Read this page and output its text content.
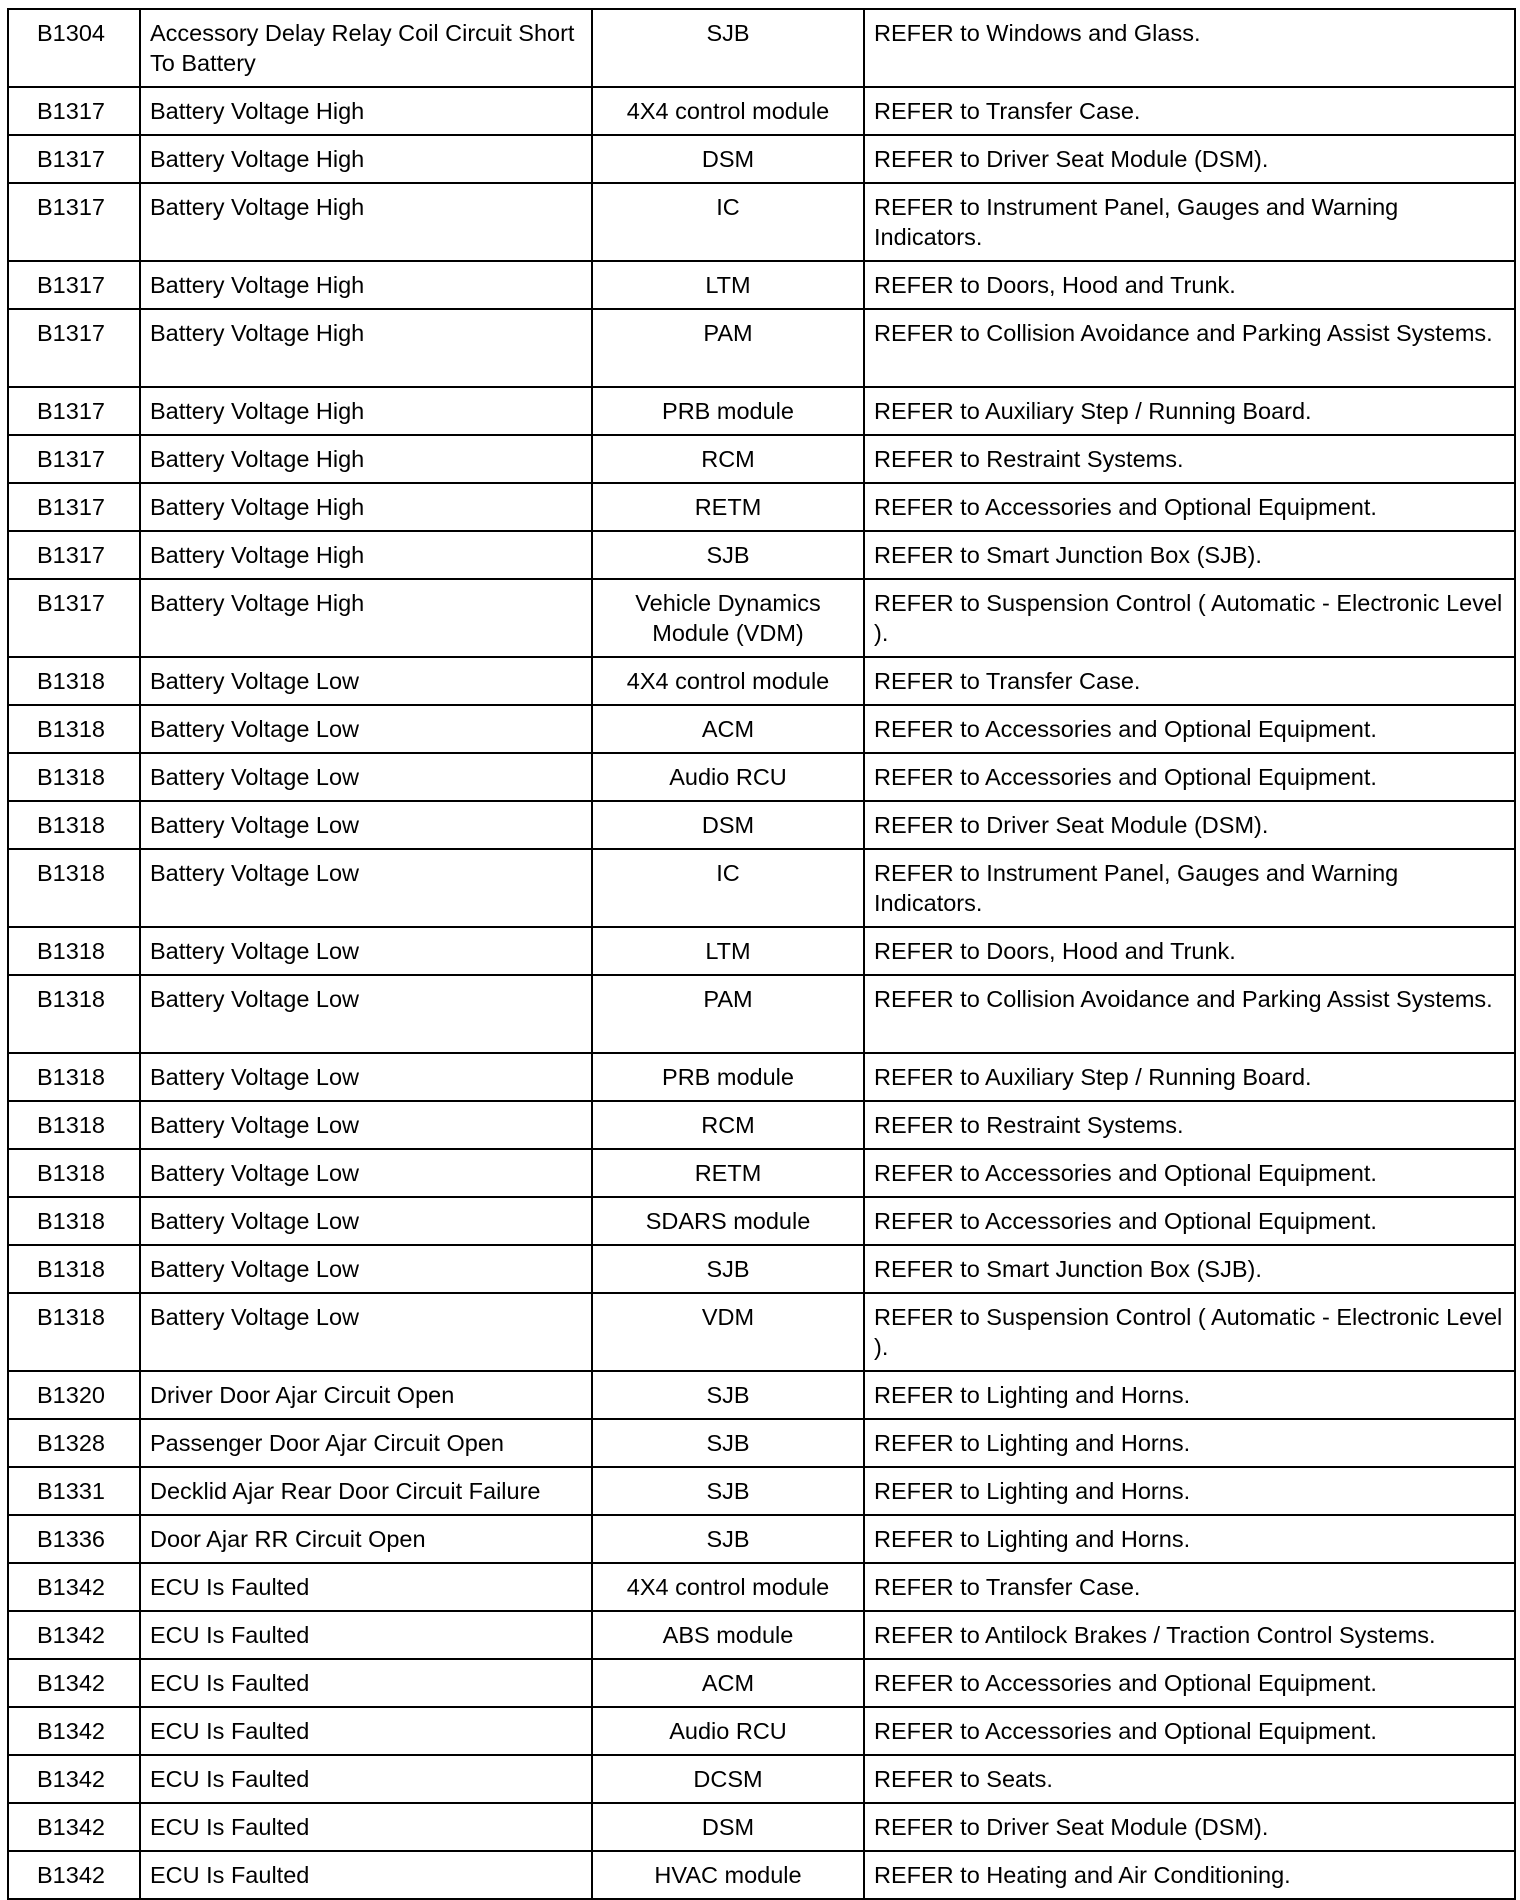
B1304	Accessory Delay Relay Coil Circuit Short To Battery	SJB	REFER to Windows and Glass.
B1317	Battery Voltage High	4X4 control module	REFER to Transfer Case.
B1317	Battery Voltage High	DSM	REFER to Driver Seat Module (DSM).
B1317	Battery Voltage High	IC	REFER to Instrument Panel, Gauges and Warning Indicators.
B1317	Battery Voltage High	LTM	REFER to Doors, Hood and Trunk.
B1317	Battery Voltage High	PAM	REFER to Collision Avoidance and Parking Assist Systems.
B1317	Battery Voltage High	PRB module	REFER to Auxiliary Step / Running Board.
B1317	Battery Voltage High	RCM	REFER to Restraint Systems.
B1317	Battery Voltage High	RETM	REFER to Accessories and Optional Equipment.
B1317	Battery Voltage High	SJB	REFER to Smart Junction Box (SJB).
B1317	Battery Voltage High	Vehicle Dynamics Module (VDM)	REFER to Suspension Control ( Automatic - Electronic Level ).
B1318	Battery Voltage Low	4X4 control module	REFER to Transfer Case.
B1318	Battery Voltage Low	ACM	REFER to Accessories and Optional Equipment.
B1318	Battery Voltage Low	Audio RCU	REFER to Accessories and Optional Equipment.
B1318	Battery Voltage Low	DSM	REFER to Driver Seat Module (DSM).
B1318	Battery Voltage Low	IC	REFER to Instrument Panel, Gauges and Warning Indicators.
B1318	Battery Voltage Low	LTM	REFER to Doors, Hood and Trunk.
B1318	Battery Voltage Low	PAM	REFER to Collision Avoidance and Parking Assist Systems.
B1318	Battery Voltage Low	PRB module	REFER to Auxiliary Step / Running Board.
B1318	Battery Voltage Low	RCM	REFER to Restraint Systems.
B1318	Battery Voltage Low	RETM	REFER to Accessories and Optional Equipment.
B1318	Battery Voltage Low	SDARS module	REFER to Accessories and Optional Equipment.
B1318	Battery Voltage Low	SJB	REFER to Smart Junction Box (SJB).
B1318	Battery Voltage Low	VDM	REFER to Suspension Control ( Automatic - Electronic Level ).
B1320	Driver Door Ajar Circuit Open	SJB	REFER to Lighting and Horns.
B1328	Passenger Door Ajar Circuit Open	SJB	REFER to Lighting and Horns.
B1331	Decklid Ajar Rear Door Circuit Failure	SJB	REFER to Lighting and Horns.
B1336	Door Ajar RR Circuit Open	SJB	REFER to Lighting and Horns.
B1342	ECU Is Faulted	4X4 control module	REFER to Transfer Case.
B1342	ECU Is Faulted	ABS module	REFER to Antilock Brakes / Traction Control Systems.
B1342	ECU Is Faulted	ACM	REFER to Accessories and Optional Equipment.
B1342	ECU Is Faulted	Audio RCU	REFER to Accessories and Optional Equipment.
B1342	ECU Is Faulted	DCSM	REFER to Seats.
B1342	ECU Is Faulted	DSM	REFER to Driver Seat Module (DSM).
B1342	ECU Is Faulted	HVAC module	REFER to Heating and Air Conditioning.
